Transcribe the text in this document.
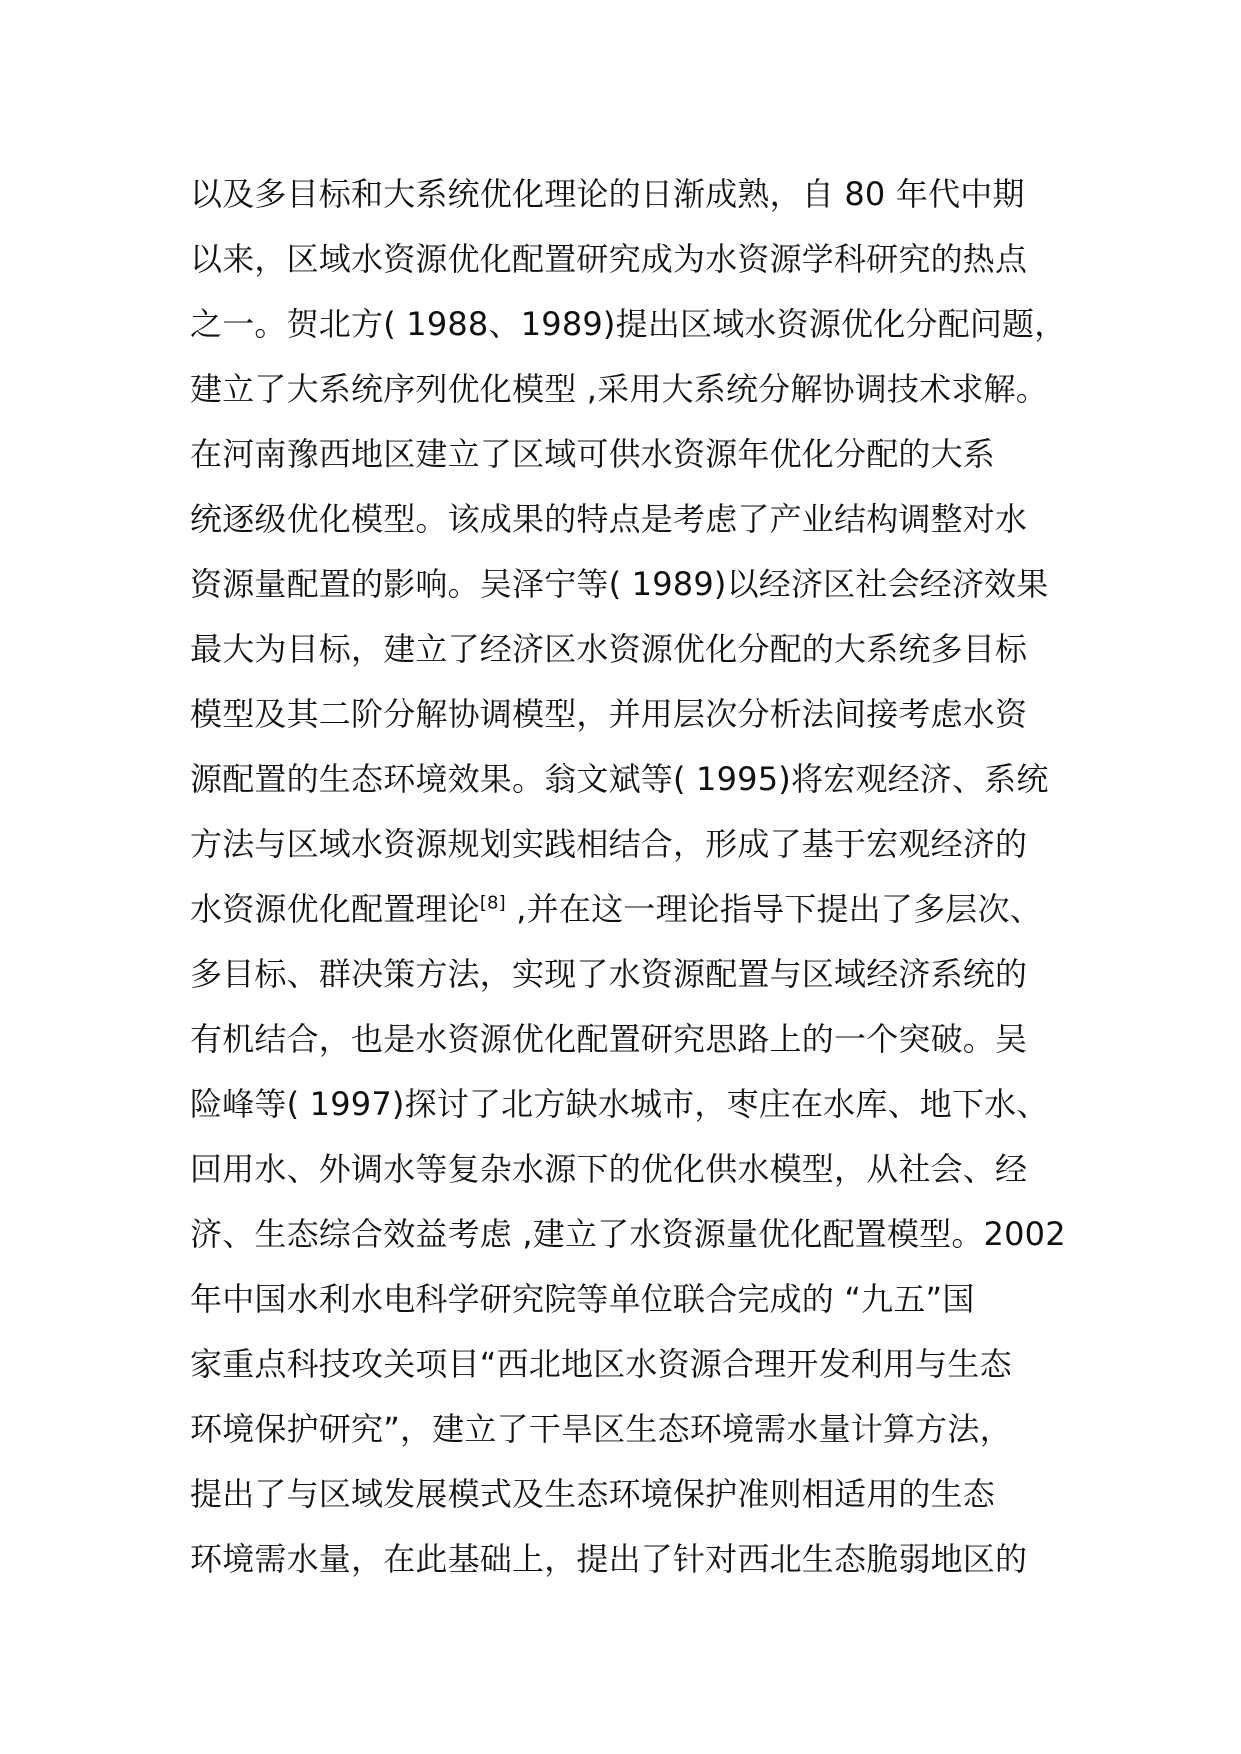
以及多目标和大系统优化理论的日渐成熟，自 80 年代中期
以来，区域水资源优化配置研究成为水资源学科研究的热点
之一。贺北方( 1988、1989)提出区域水资源优化分配问题，
建立了大系统序列优化模型 ,采用大系统分解协调技术求解。
在河南豫西地区建立了区域可供水资源年优化分配的大系
统逐级优化模型。该成果的特点是考虑了产业结构调整对水
资源量配置的影响。吴泽宁等( 1989)以经济区社会经济效果
最大为目标，建立了经济区水资源优化分配的大系统多目标
模型及其二阶分解协调模型，并用层次分析法间接考虑水资
源配置的生态环境效果。翁文斌等( 1995)将宏观经济、系统
方法与区域水资源规划实践相结合，形成了基于宏观经济的
水资源优化配置理论[8] ,并在这一理论指导下提出了多层次、
多目标、群决策方法，实现了水资源配置与区域经济系统的
有机结合，也是水资源优化配置研究思路上的一个突破。吴
险峰等( 1997)探讨了北方缺水城市，枣庄在水库、地下水、
回用水、外调水等复杂水源下的优化供水模型，从社会、经
济、生态综合效益考虑 ,建立了水资源量优化配置模型。2002
年中国水利水电科学研究院等单位联合完成的 “九五”国
家重点科技攻关项目“西北地区水资源合理开发利用与生态
环境保护研究”，建立了干旱区生态环境需水量计算方法，
提出了与区域发展模式及生态环境保护准则相适用的生态
环境需水量，在此基础上，提出了针对西北生态脆弱地区的
